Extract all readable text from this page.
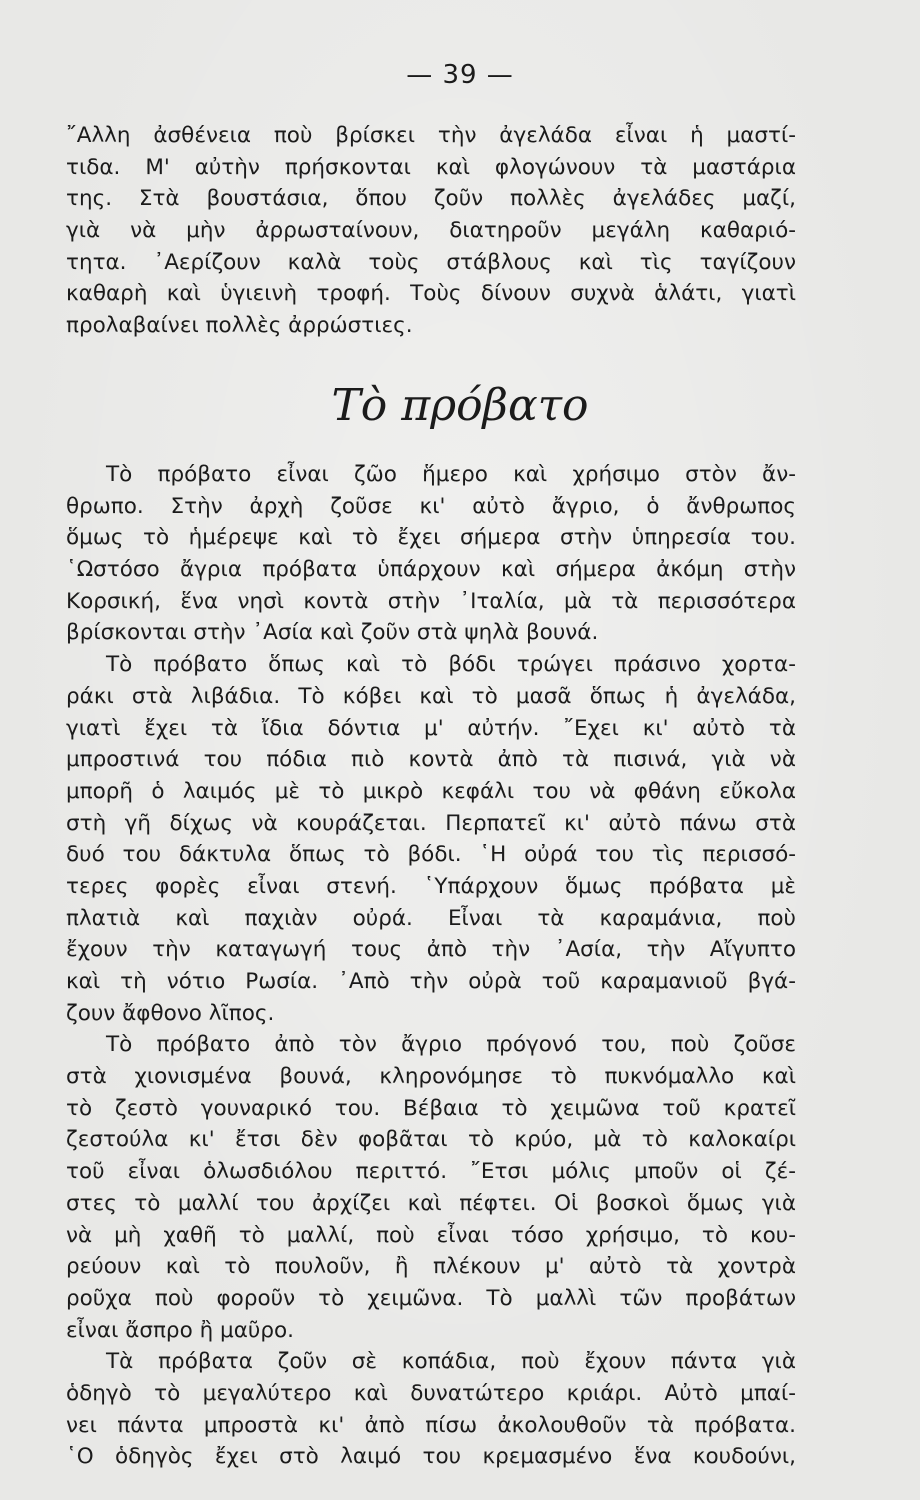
— 39 —
῎Αλλη ἀσθένεια ποὺ βρίσκει τὴν ἀγελάδα εἶναι ἡ μαστί-
τιδα. Μ' αὐτὴν πρήσκονται καὶ φλογώνουν τὰ μαστάρια
της. Στὰ βουστάσια, ὅπου ζοῦν πολλὲς ἀγελάδες μαζί,
γιὰ νὰ μὴν ἀρρωσταίνουν, διατηροῦν μεγάλη καθαριό-
τητα. ᾿Αερίζουν καλὰ τοὺς στάβλους καὶ τὶς ταγίζουν
καθαρὴ καὶ ὑγιεινὴ τροφή. Τοὺς δίνουν συχνὰ ἁλάτι, γιατὶ
προλαβαίνει πολλὲς ἀρρώστιες.
Τὸ πρόβατο
Τὸ πρόβατο εἶναι ζῶο ἥμερο καὶ χρήσιμο στὸν ἄν-
θρωπο. Στὴν ἀρχὴ ζοῦσε κι' αὐτὸ ἄγριο, ὁ ἄνθρωπος
ὅμως τὸ ἡμέρεψε καὶ τὸ ἔχει σήμερα στὴν ὑπηρεσία του.
῾Ωστόσο ἄγρια πρόβατα ὑπάρχουν καὶ σήμερα ἀκόμη στὴν
Κορσική, ἕνα νησὶ κοντὰ στὴν ᾿Ιταλία, μὰ τὰ περισσότερα
βρίσκονται στὴν ᾿Ασία καὶ ζοῦν στὰ ψηλὰ βουνά.
Τὸ πρόβατο ὅπως καὶ τὸ βόδι τρώγει πράσινο χορτα-
ράκι στὰ λιβάδια. Τὸ κόβει καὶ τὸ μασᾶ ὅπως ἡ ἀγελάδα,
γιατὶ ἔχει τὰ ἴδια δόντια μ' αὐτήν. ῎Εχει κι' αὐτὸ τὰ
μπροστινά του πόδια πιὸ κοντὰ ἀπὸ τὰ πισινά, γιὰ νὰ
μπορῆ ὁ λαιμός μὲ τὸ μικρὸ κεφάλι του νὰ φθάνη εὔκολα
στὴ γῆ δίχως νὰ κουράζεται. Περπατεῖ κι' αὐτὸ πάνω στὰ
δυό του δάκτυλα ὅπως τὸ βόδι. ῾Η οὐρά του τὶς περισσό-
τερες φορὲς εἶναι στενή. ῾Υπάρχουν ὅμως πρόβατα μὲ
πλατιὰ καὶ παχιὰν οὐρά. Εἶναι τὰ καραμάνια, ποὺ
ἔχουν τὴν καταγωγή τους ἀπὸ τὴν ᾿Ασία, τὴν Αἴγυπτο
καὶ τὴ νότιο Ρωσία. ᾿Απὸ τὴν οὐρὰ τοῦ καραμανιοῦ βγά-
ζουν ἄφθονο λῖπος.
Τὸ πρόβατο ἀπὸ τὸν ἄγριο πρόγονό του, ποὺ ζοῦσε
στὰ χιονισμένα βουνά, κληρονόμησε τὸ πυκνόμαλλο καὶ
τὸ ζεστὸ γουναρικό του. Βέβαια τὸ χειμῶνα τοῦ κρατεῖ
ζεστούλα κι' ἔτσι δὲν φοβᾶται τὸ κρύο, μὰ τὸ καλοκαίρι
τοῦ εἶναι ὁλωσδιόλου περιττό. ῎Ετσι μόλις μποῦν οἱ ζέ-
στες τὸ μαλλί του ἀρχίζει καὶ πέφτει. Οἱ βοσκοὶ ὅμως γιὰ
νὰ μὴ χαθῆ τὸ μαλλί, ποὺ εἶναι τόσο χρήσιμο, τὸ κου-
ρεύουν καὶ τὸ πουλοῦν, ἢ πλέκουν μ' αὐτὸ τὰ χοντρὰ
ροῦχα ποὺ φοροῦν τὸ χειμῶνα. Τὸ μαλλὶ τῶν προβάτων
εἶναι ἄσπρο ἢ μαῦρο.
Τὰ πρόβατα ζοῦν σὲ κοπάδια, ποὺ ἔχουν πάντα γιὰ
ὁδηγὸ τὸ μεγαλύτερο καὶ δυνατώτερο κριάρι. Αὐτὸ μπαί-
νει πάντα μπροστὰ κι' ἀπὸ πίσω ἀκολουθοῦν τὰ πρόβατα.
῾Ο ὁδηγὸς ἔχει στὸ λαιμό του κρεμασμένο ἕνα κουδούνι,
